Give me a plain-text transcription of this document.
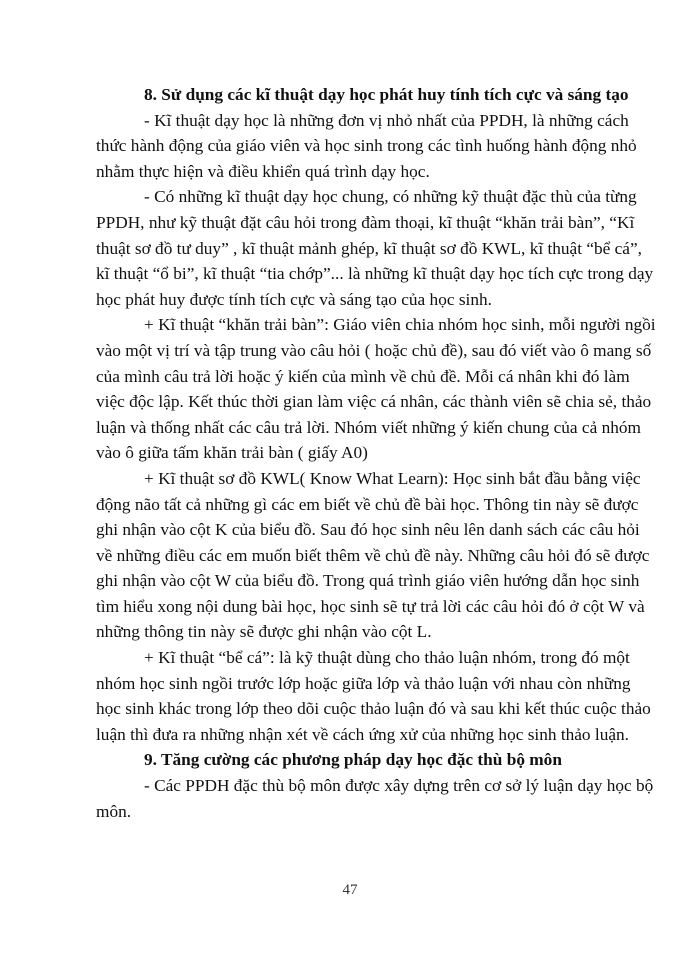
8. Sử dụng các kĩ thuật dạy học phát huy tính tích cực và sáng tạo
- Kĩ thuật dạy học là những đơn vị nhỏ nhất của PPDH, là những cách
thức hành động của giáo viên và học sinh trong các tình huống hành động nhỏ
nhằm thực hiện và điều khiển quá trình dạy học.
- Có những kĩ thuật dạy học chung, có những kỹ thuật đặc thù của từng
PPDH, như kỹ thuật đặt câu hỏi trong đàm thoại, kĩ thuật “khăn trải bàn”, “Kĩ
thuật sơ đồ tư duy” , kĩ thuật mảnh ghép, kĩ thuật sơ đồ KWL, kĩ thuật “bể cá”,
kĩ thuật “ổ bi”, kĩ thuật “tia chớp”... là những kĩ thuật dạy học tích cực trong dạy
học phát huy được tính tích cực và sáng tạo của học sinh.
+ Kĩ thuật “khăn trải bàn”: Giáo viên chia nhóm học sinh, mỗi người ngồi
vào một vị trí và tập trung vào câu hỏi ( hoặc chủ đề), sau đó viết vào ô mang số
của mình câu trả lời hoặc ý kiến của mình về chủ đề. Mỗi cá nhân khi đó làm
việc độc lập. Kết thúc thời gian làm việc cá nhân, các thành viên sẽ chia sẻ, thảo
luận và thống nhất các câu trả lời. Nhóm viết những ý kiến chung của cả nhóm
vào ô giữa tấm khăn trải bàn ( giấy A0)
+ Kĩ thuật sơ đồ KWL( Know What Learn): Học sinh bắt đầu bằng việc
động não tất cả những gì các em biết về chủ đề bài học. Thông tin này sẽ được
ghi nhận vào cột K của biểu đồ. Sau đó học sinh nêu lên danh sách các câu hỏi
về những điều các em muốn biết thêm về chủ đề này. Những câu hỏi đó sẽ được
ghi nhận vào cột W của biểu đồ. Trong quá trình giáo viên hướng dẫn học sinh
tìm hiểu xong nội dung bài học, học sinh sẽ tự trả lời các câu hỏi đó ở cột W và
những thông tin này sẽ được ghi nhận vào cột L.
+ Kĩ thuật “bể cá”: là kỹ thuật dùng cho thảo luận nhóm, trong đó một
nhóm học sinh ngồi trước lớp hoặc giữa lớp và thảo luận với nhau còn những
học sinh khác trong lớp theo dõi cuộc thảo luận đó và sau khi kết thúc cuộc thảo
luận thì đưa ra những nhận xét về cách ứng xử của những học sinh thảo luận.
9. Tăng cường các phương pháp dạy học đặc thù bộ môn
- Các PPDH đặc thù bộ môn được xây dựng trên cơ sở lý luận dạy học bộ
môn.
47
